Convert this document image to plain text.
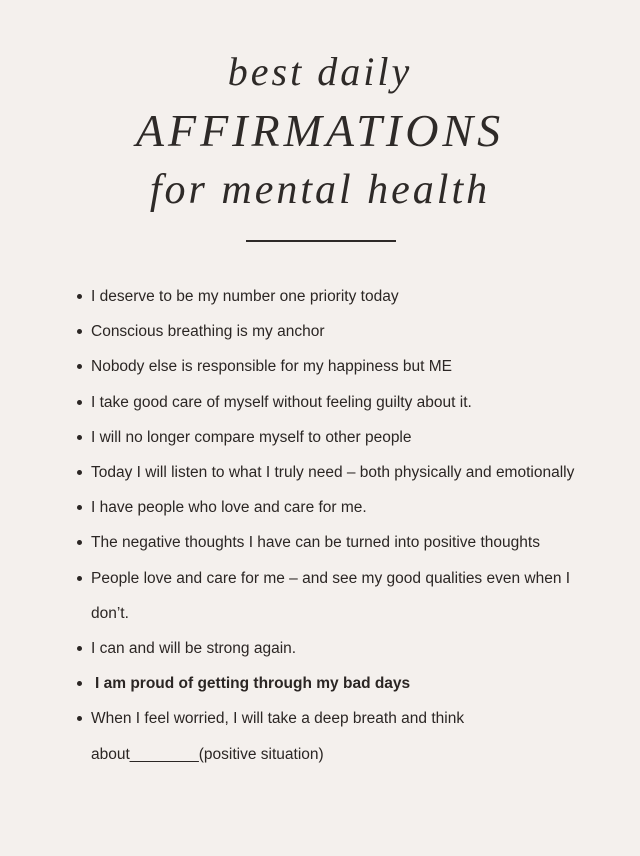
best daily
AFFIRMATIONS
for mental health
I deserve to be my number one priority today
Conscious breathing is my anchor
Nobody else is responsible for my happiness but ME
I take good care of myself without feeling guilty about it.
I will no longer compare myself to other people
Today I will listen to what I truly need – both physically and emotionally
I have people who love and care for me.
The negative thoughts I have can be turned into positive thoughts
People love and care for me – and see my good qualities even when I don’t.
I can and will be strong again.
I am proud of getting through my bad days
When I feel worried, I will take a deep breath and think about________(positive situation)
